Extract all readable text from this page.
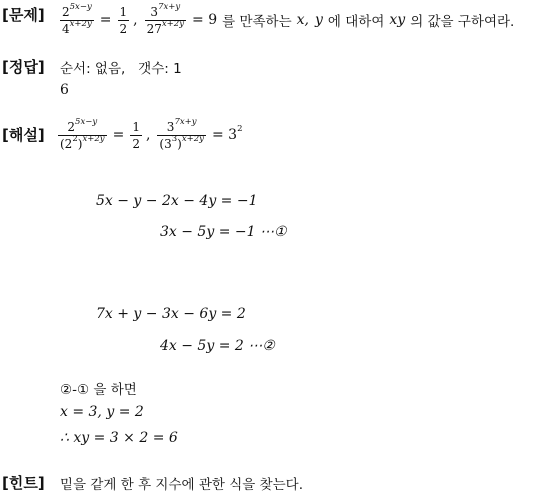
[문제] $\frac{2^{5x-y}}{4^{x+2y}} = \frac{1}{2}$ , $\frac{3^{7x+y}}{27^{x+2y}} = 9$ 를 만족하는 x, y 에 대하여 xy 의 값을 구하여라.
[정답] 순서: 없음,   갯수: 1
6
[해설] $\frac{2^{5x-y}}{(2^2)^{x+2y}} = \frac{1}{2}$ , $\frac{3^{7x+y}}{(3^3)^{x+2y}} = 3^2$
5x − y − 2x − 4y = −1
3x − 5y = −1 ⋯①
7x + y − 3x − 6y = 2
4x − 5y = 2 ⋯②
②-① 을 하면
x = 3, y = 2
∴ xy = 3 × 2 = 6
[힌트] 밑을 같게 한 후 지수에 관한 식을 찾는다.
